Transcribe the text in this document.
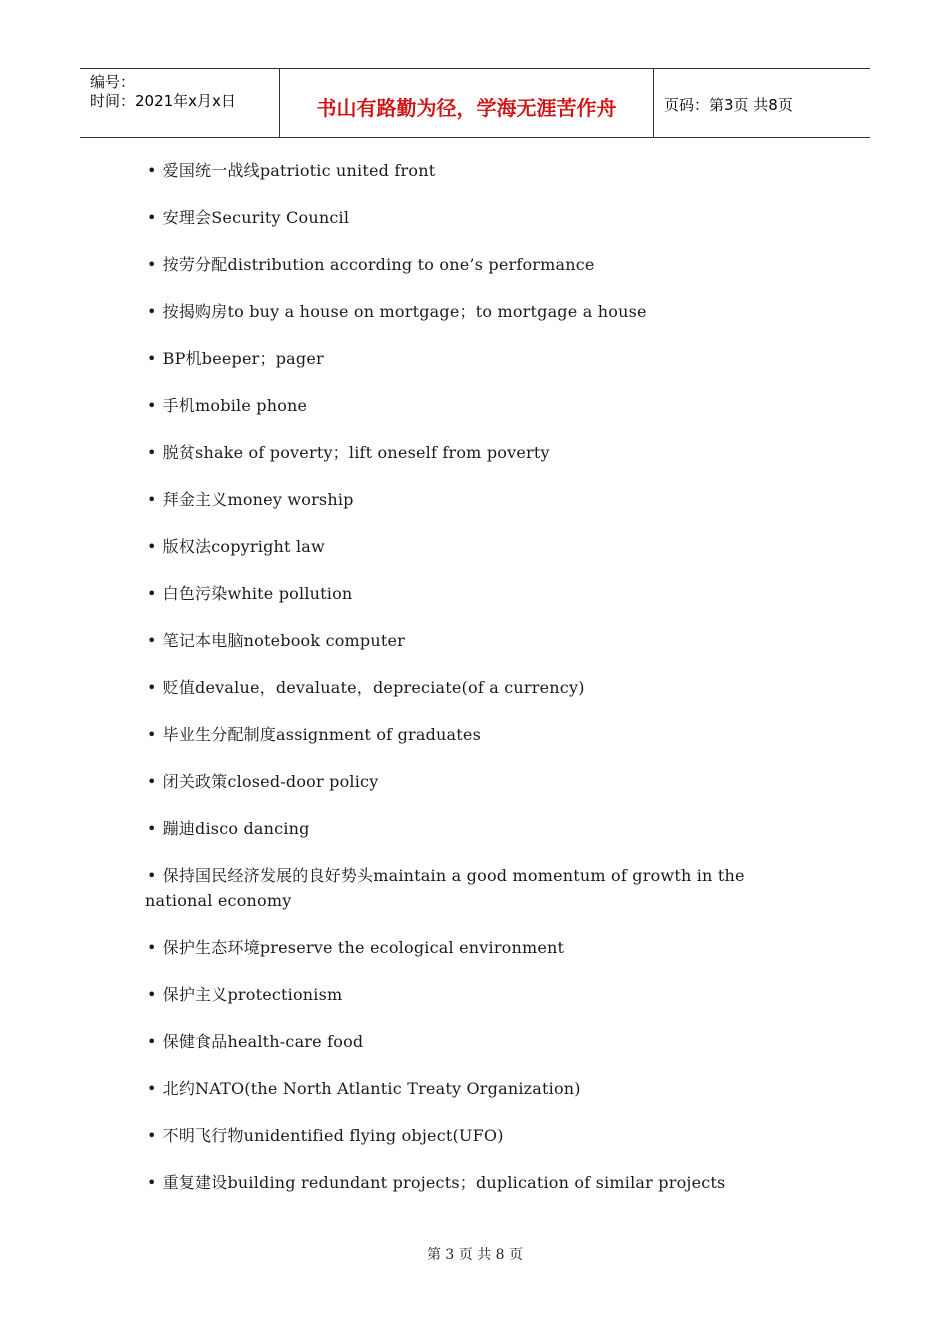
编号：
时间：2021年x月x日	书山有路勤为径，学海无涯苦作舟	页码：第3页 共8页
• 爱国统一战线patriotic united front
• 安理会Security Council
• 按劳分配distribution according to one’s performance
• 按揭购房to buy a house on mortgage；to mortgage a house
• BP机beeper；pager
• 手机mobile phone
• 脱贫shake of poverty；lift oneself from poverty
• 拜金主义money worship
• 版权法copyright law
• 白色污染white pollution
• 笔记本电脑notebook computer
• 贬值devalue，devaluate，depreciate(of a currency)
• 毕业生分配制度assignment of graduates
• 闭关政策closed-door policy
• 蹦迪disco dancing
• 保持国民经济发展的良好势头maintain a good momentum of growth in the national economy
• 保护生态环境preserve the ecological environment
• 保护主义protectionism
• 保健食品health-care food
• 北约NATO(the North Atlantic Treaty Organization)
• 不明飞行物unidentified flying object(UFO)
• 重复建设building redundant projects；duplication of similar projects
第 3 页 共 8 页
